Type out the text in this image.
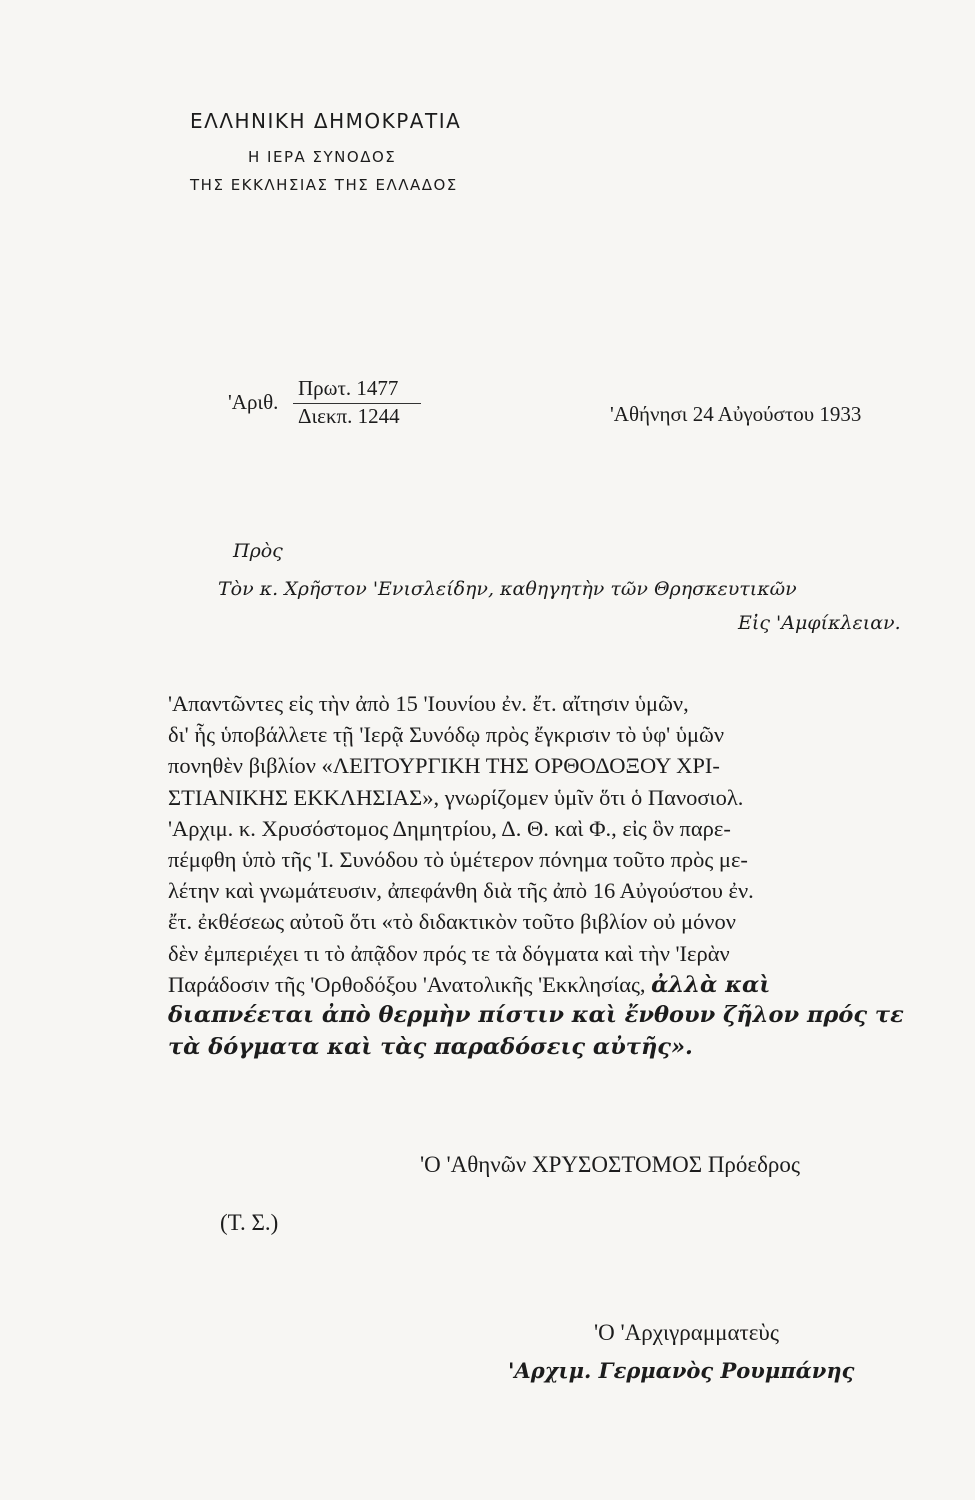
ΕΛΛΗΝΙΚΗ ΔΗΜΟΚΡΑΤΙΑ
Η ΙΕΡΑ ΣΥΝΟΔΟΣ
ΤΗΣ ΕΚΚΛΗΣΙΑΣ ΤΗΣ ΕΛΛΑΔΟΣ
'Αριθ.
Πρωτ. 1477
Διεκπ. 1244	'Αθήνησι 24 Αὐγούστου 1933
Πρὸς
Τὸν κ. Χρῆστον 'Ενισλείδην, καθηγητὴν τῶν Θρησκευτικῶν
Εἰς 'Αμφίκλειαν.
'Απαντῶντες εἰς τὴν ἀπὸ 15 'Ιουνίου ἐν. ἔτ. αἴτησιν ὑμῶν,
δι' ἧς ὑποβάλλετε τῇ 'Ιερᾷ Συνόδῳ πρὸς ἔγκρισιν τὸ ὑφ' ὑμῶν
πονηθὲν βιβλίον «ΛΕΙΤΟΥΡΓΙΚΗ ΤΗΣ ΟΡΘΟΔΟΞΟΥ ΧΡΙ-
ΣΤΙΑΝΙΚΗΣ ΕΚΚΛΗΣΙΑΣ», γνωρίζομεν ὑμῖν ὅτι ὁ Πανοσιολ.
'Αρχιμ. κ. Χρυσόστομος Δημητρίου, Δ. Θ. καὶ Φ., εἰς ὃν παρε-
πέμφθη ὑπὸ τῆς 'Ι. Συνόδου τὸ ὑμέτερον πόνημα τοῦτο πρὸς με-
λέτην καὶ γνωμάτευσιν, ἀπεφάνθη διὰ τῆς ἀπὸ 16 Αὐγούστου ἐν.
ἔτ. ἐκθέσεως αὐτοῦ ὅτι «τὸ διδακτικὸν τοῦτο βιβλίον οὐ μόνον
δὲν ἐμπεριέχει τι τὸ ἀπᾷδον πρός τε τὰ δόγματα καὶ τὴν 'Ιερὰν
Παράδοσιν τῆς 'Ορθοδόξου 'Ανατολικῆς 'Εκκλησίας, ἀλλὰ καὶ
διαπνέεται ἀπὸ θερμὴν πίστιν καὶ ἔνθουν ζῆλον πρός τε
τὰ δόγματα καὶ τὰς παραδόσεις αὐτῆς».
'Ο 'Αθηνῶν ΧΡΥΣΟΣΤΟΜΟΣ Πρόεδρος
(Τ. Σ.)
'Ο 'Αρχιγραμματεὺς
'Αρχιμ. Γερμανὸς Ρουμπάνης
